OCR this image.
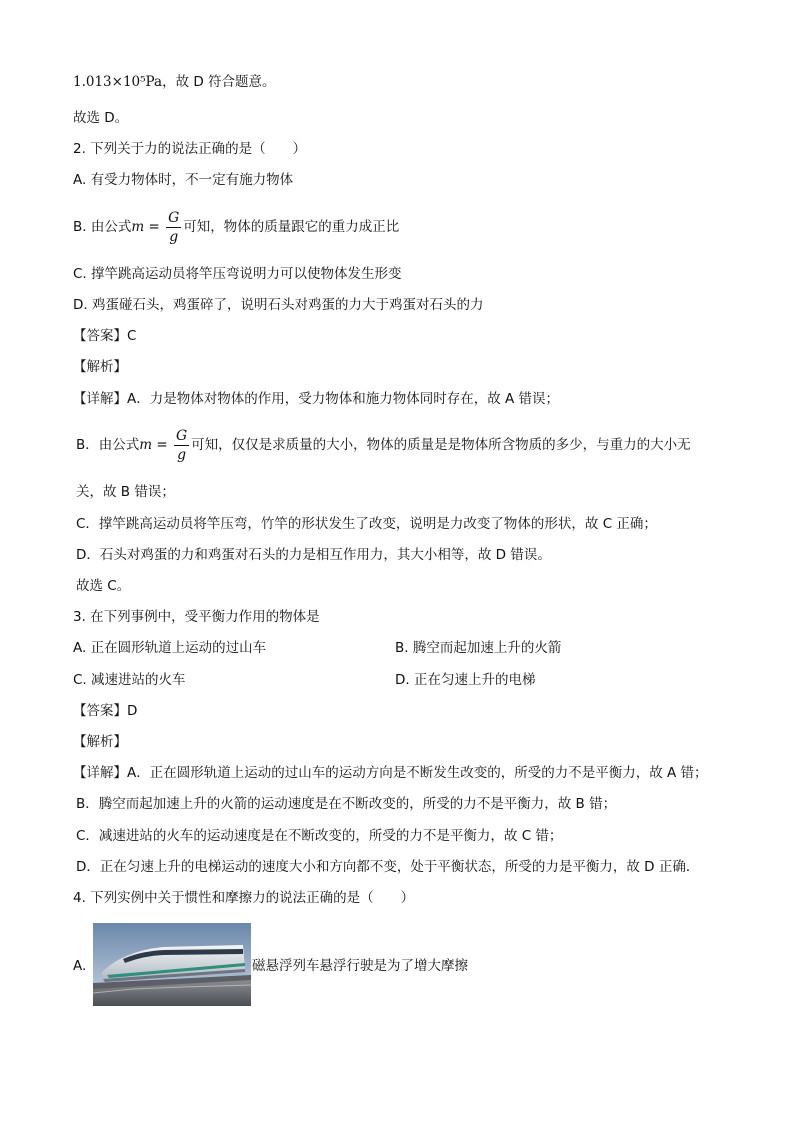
1.013×10⁵Pa，故 D 符合题意。
故选 D。
2. 下列关于力的说法正确的是（　　）
A. 有受力物体时，不一定有施力物体
B. 由公式$m = \frac{G}{g}$ 可知，物体的质量跟它的重力成正比
C. 撑竿跳高运动员将竿压弯说明力可以使物体发生形变
D. 鸡蛋碰石头，鸡蛋碎了，说明石头对鸡蛋的力大于鸡蛋对石头的力
【答案】C
【解析】
【详解】A．力是物体对物体的作用，受力物体和施力物体同时存在，故 A 错误；
B．由公式$m = \frac{G}{g}$ 可知，仅仅是求质量的大小，物体的质量是是物体所含物质的多少，与重力的大小无
关，故 B 错误；
C．撑竿跳高运动员将竿压弯，竹竿的形状发生了改变，说明是力改变了物体的形状，故 C 正确；
D．石头对鸡蛋的力和鸡蛋对石头的力是相互作用力，其大小相等，故 D 错误。
故选 C。
3. 在下列事例中，受平衡力作用的物体是
A. 正在圆形轨道上运动的过山车	B. 腾空而起加速上升的火箭
C. 减速进站的火车	D. 正在匀速上升的电梯
【答案】D
【解析】
【详解】A．正在圆形轨道上运动的过山车的运动方向是不断发生改变的，所受的力不是平衡力，故 A 错；
B．腾空而起加速上升的火箭的运动速度是在不断改变的，所受的力不是平衡力，故 B 错；
C．减速进站的火车的运动速度是在不断改变的，所受的力不是平衡力，故 C 错；
D．正在匀速上升的电梯运动的速度大小和方向都不变，处于平衡状态，所受的力是平衡力，故 D 正确．
4. 下列实例中关于惯性和摩擦力的说法正确的是（　　）
A.	磁悬浮列车悬浮行驶是为了增大摩擦
